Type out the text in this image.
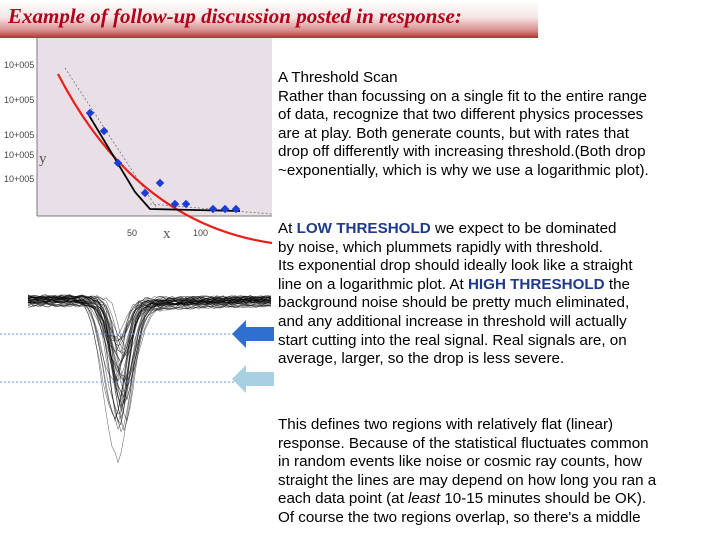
Example of follow-up discussion posted in response:
10+005
10+005
10+005
10+005
10+005
50	100
y
x
A Threshold Scan
Rather than focussing on a single fit to the entire range
of data, recognize that two different physics processes
are at play. Both generate counts, but with rates that
drop off differently with increasing threshold.(Both drop
~exponentially, which is why we use a logarithmic plot).
At LOW THRESHOLD we expect to be dominated
by noise, which plummets rapidly with threshold.
Its exponential drop should ideally look like a straight
line on a logarithmic plot. At HIGH THRESHOLD the
background noise should be pretty much eliminated,
and any additional increase in threshold will actually
start cutting into the real signal. Real signals are, on
average, larger, so the drop is less severe.
This defines two regions with relatively flat (linear)
response. Because of the statistical fluctuates common
in random events like noise or cosmic ray counts, how
straight the lines are may depend on how long you ran a
each data point (at least 10-15 minutes should be OK).
Of course the two regions overlap, so there's a middle
